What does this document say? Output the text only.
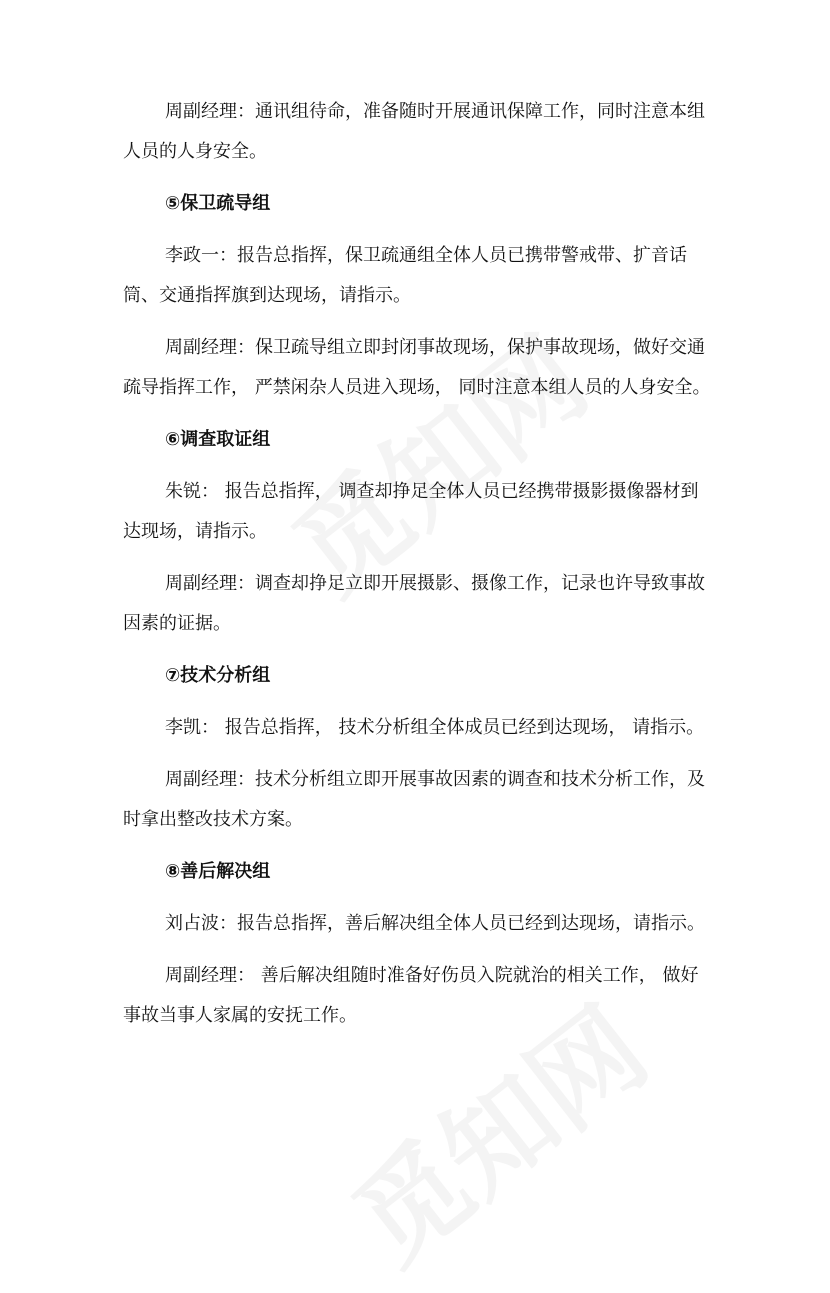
周副经理：通讯组待命，准备随时开展通讯保障工作，同时注意本组人员的人身安全。

⑤保卫疏导组

李政一：报告总指挥，保卫疏通组全体人员已携带警戒带、扩音话筒、交通指挥旗到达现场，请指示。

周副经理：保卫疏导组立即封闭事故现场，保护事故现场，做好交通疏导指挥工作， 严禁闲杂人员进入现场， 同时注意本组人员的人身安全。

⑥调查取证组

朱锐： 报告总指挥， 调查却挣足全体人员已经携带摄影摄像器材到达现场，请指示。

周副经理：调查却挣足立即开展摄影、摄像工作，记录也许导致事故因素的证据。

⑦技术分析组

李凯： 报告总指挥， 技术分析组全体成员已经到达现场， 请指示。

周副经理：技术分析组立即开展事故因素的调查和技术分析工作，及时拿出整改技术方案。

⑧善后解决组

刘占波：报告总指挥，善后解决组全体人员已经到达现场，请指示。

周副经理： 善后解决组随时准备好伤员入院就治的相关工作， 做好事故当事人家属的安抚工作。
